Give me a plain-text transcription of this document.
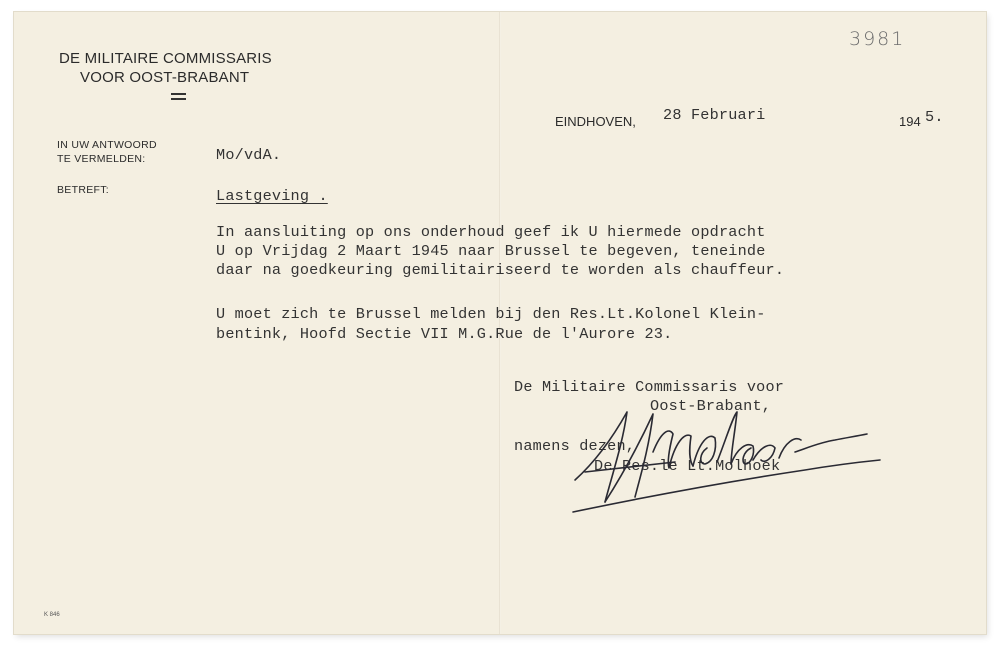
3981
DE MILITAIRE COMMISSARIS
VOOR OOST-BRABANT
EINDHOVEN, 28 Februari	194 5.
IN UW ANTWOORD
TE VERMELDEN:	Mo/vdA.
BETREFT:	Lastgeving .
In aansluiting op ons onderhoud geef ik U hiermede opdracht
U op Vrijdag 2 Maart 1945 naar Brussel te begeven, teneinde
daar na goedkeuring gemilitairiseerd te worden als chauffeur.
U moet zich te Brussel melden bij den Res.Lt.Kolonel Klein-
bentink, Hoofd Sectie VII M.G.Rue de l'Aurore 23.
De Militaire Commissaris voor
Oost-Brabant,
namens dezen,
De Res.le Lt.Molhoek
K 846
